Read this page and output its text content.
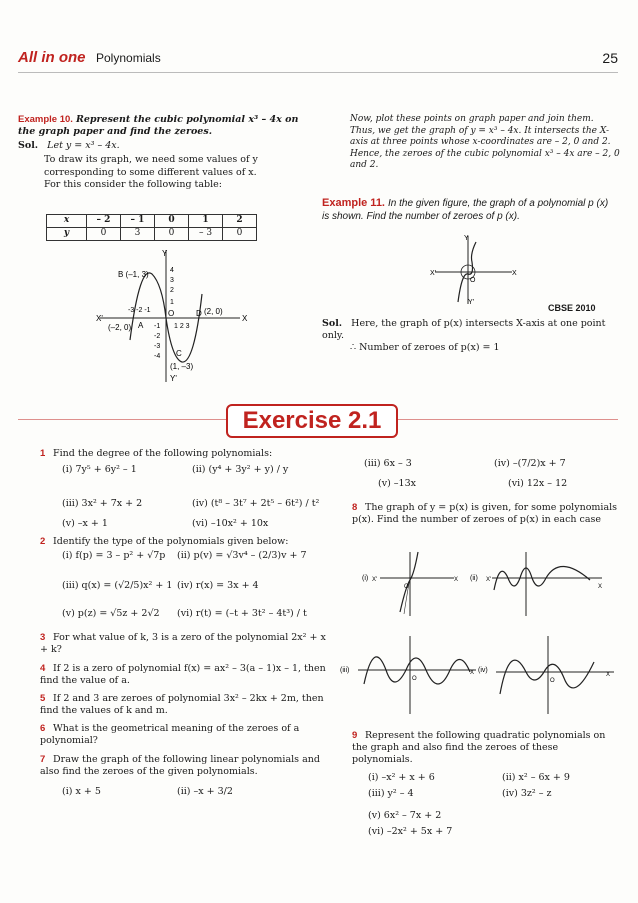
All in one Polynomials	25
Example 10. Represent the cubic polynomial x³ – 4x on the graph paper and find the zeroes.
Sol. Let y = x³ – 4x.
To draw its graph, we need some values of y corresponding to some different values of x.
For this consider the following table:
x	– 2	– 1	0	1	2
y	0	3	0	– 3	0
Y
X
X'
Y'
B (–1, 3)
(2, 0)
(–2, 0) A
D
C
(1, –3)
O
4
3
2
1
-1 1 2 3
-2
-3
-4
-3 -2 -1
Now, plot these points on graph paper and join them. Thus, we get the graph of y = x³ – 4x. It intersects the X-axis at three points whose x-coordinates are – 2, 0 and 2.
Hence, the zeroes of the cubic polynomial x³ – 4x are – 2, 0 and 2.
Example 11. In the given figure, the graph of a polynomial p (x) is shown. Find the number of zeroes of p (x).
Y
X'	X
Y'
O
CBSE 2010
Sol. Here, the graph of p(x) intersects X-axis at one point only.
∴ Number of zeroes of p(x) = 1
Exercise 2.1
1 Find the degree of the following polynomials:
(i) 7y⁵ + 6y² – 1	(ii) (y⁴ + 3y² + y) / y
(iii) 3x² + 7x + 2	(iv) (t⁸ – 3t⁷ + 2t⁵ – 6t²) / t²
(v) –x + 1	(vi) –10x² + 10x
2 Identify the type of the polynomials given below:
(i) f(p) = 3 – p² + √7p (ii) p(v) = √3v⁴ – (2/3)v + 7
(iii) q(x) = (√2/5)x² + 1 (iv) r(x) = 3x + 4
(v) p(z) = √5z + 2√2 (vi) r(t) = (–t + 3t² – 4t³) / t
3 For what value of k, 3 is a zero of the polynomial 2x² + x + k?
4 If 2 is a zero of polynomial f(x) = ax² – 3(a – 1)x – 1, then find the value of a.
5 If 2 and 3 are zeroes of polynomial 3x² – 2kx + 2m, then find the values of k and m.
6 What is the geometrical meaning of the zeroes of a polynomial?
7 Draw the graph of the following linear polynomials and also find the zeroes of the given polynomials.
(i) x + 5	(ii) –x + 3/2
(iii) 6x – 3	(iv) –(7/2)x + 7
(v) –13x	(vi) 12x – 12
8 The graph of y = p(x) is given, for some polynomials p(x). Find the number of zeroes of p(x) in each case
(i) X'	X
O
(ii) X'
X
(iii)
O
X (iv)
O
X
9 Represent the following quadratic polynomials on the graph and also find the zeroes of these polynomials.
(i) –x² + x + 6	(ii) x² – 6x + 9
(iii) y² – 4	(iv) 3z² – z
(v) 6x² – 7x + 2
(vi) –2x² + 5x + 7
